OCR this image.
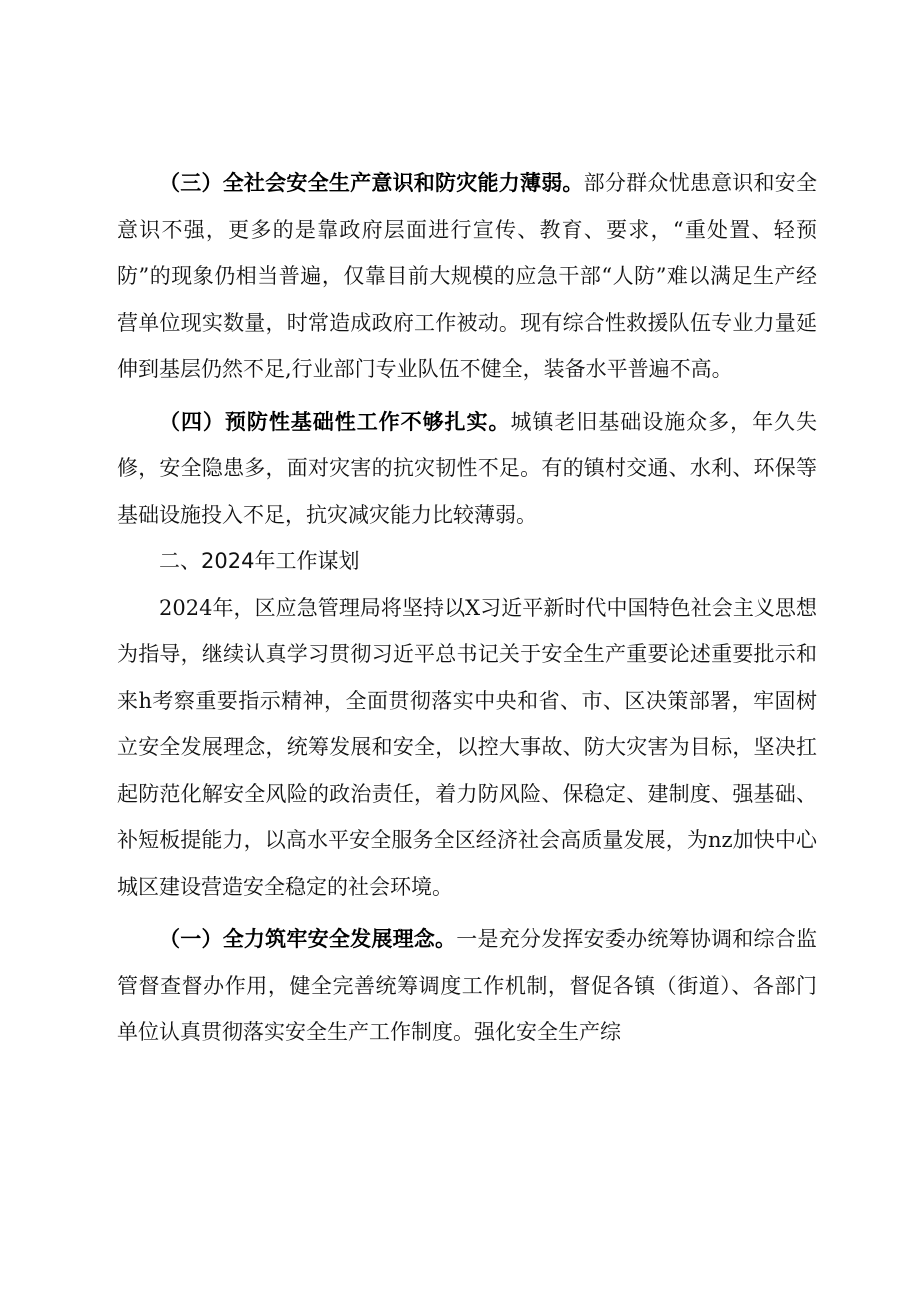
（三）全社会安全生产意识和防灾能力薄弱。部分群众忧患意识和安全意识不强，更多的是靠政府层面进行宣传、教育、要求，“重处置、轻预防”的现象仍相当普遍，仅靠目前大规模的应急干部“人防”难以满足生产经营单位现实数量，时常造成政府工作被动。现有综合性救援队伍专业力量延伸到基层仍然不足,行业部门专业队伍不健全，装备水平普遍不高。

（四）预防性基础性工作不够扎实。城镇老旧基础设施众多，年久失修，安全隐患多，面对灾害的抗灾韧性不足。有的镇村交通、水利、环保等基础设施投入不足，抗灾减灾能力比较薄弱。

二、2024年工作谋划

2024年，区应急管理局将坚持以X习近平新时代中国特色社会主义思想为指导，继续认真学习贯彻习近平总书记关于安全生产重要论述重要批示和来h考察重要指示精神，全面贯彻落实中央和省、市、区决策部署，牢固树立安全发展理念，统筹发展和安全，以控大事故、防大灾害为目标，坚决扛起防范化解安全风险的政治责任，着力防风险、保稳定、建制度、强基础、补短板提能力，以高水平安全服务全区经济社会高质量发展，为nz加快中心城区建设营造安全稳定的社会环境。

（一）全力筑牢安全发展理念。一是充分发挥安委办统筹协调和综合监管督查督办作用，健全完善统筹调度工作机制，督促各镇（街道）、各部门单位认真贯彻落实安全生产工作制度。强化安全生产综
